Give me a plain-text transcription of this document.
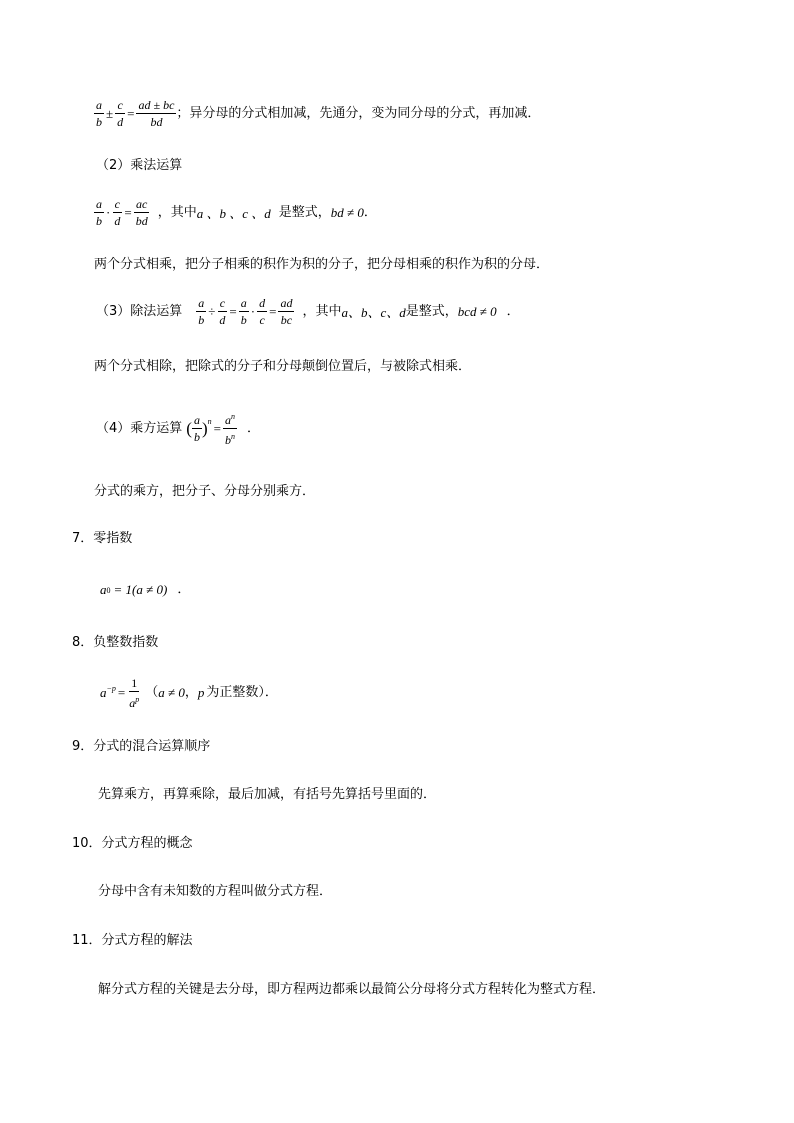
$\frac{a}{b} \pm \frac{c}{d} = \frac{ad \pm bc}{bd}$ ；异分母的分式相加减，先通分，变为同分母的分式，再加减．
（2）乘法运算
$\frac{a}{b} \cdot \frac{c}{d} = \frac{ac}{bd}$ ，其中 a 、b 、c 、d 是整式， bd ≠ 0 ．
两个分式相乘，把分子相乘的积作为积的分子，把分母相乘的积作为积的分母．
（3）除法运算 $\frac{a}{b} \div \frac{c}{d} = \frac{a}{b} \cdot \frac{d}{c} = \frac{ad}{bc}$ ，其中 a、b、c、d 是整式， bcd ≠ 0 ．
两个分式相除，把除式的分子和分母颠倒位置后，与被除式相乘．
（4）乘方运算 ( $\frac{a}{b}$ ) $n = \frac{a^n}{b^n}$ ．
分式的乘方，把分子、分母分别乘方．
7．零指数
a 0 = 1(a ≠ 0) ．
8．负整数指数
$a -p = \frac{1}{a^p}$ （ a ≠ 0 ， p 为正整数）．
9．分式的混合运算顺序
先算乘方，再算乘除，最后加减，有括号先算括号里面的．
10．分式方程的概念
分母中含有未知数的方程叫做分式方程．
11．分式方程的解法
解分式方程的关键是去分母，即方程两边都乘以最简公分母将分式方程转化为整式方程．
